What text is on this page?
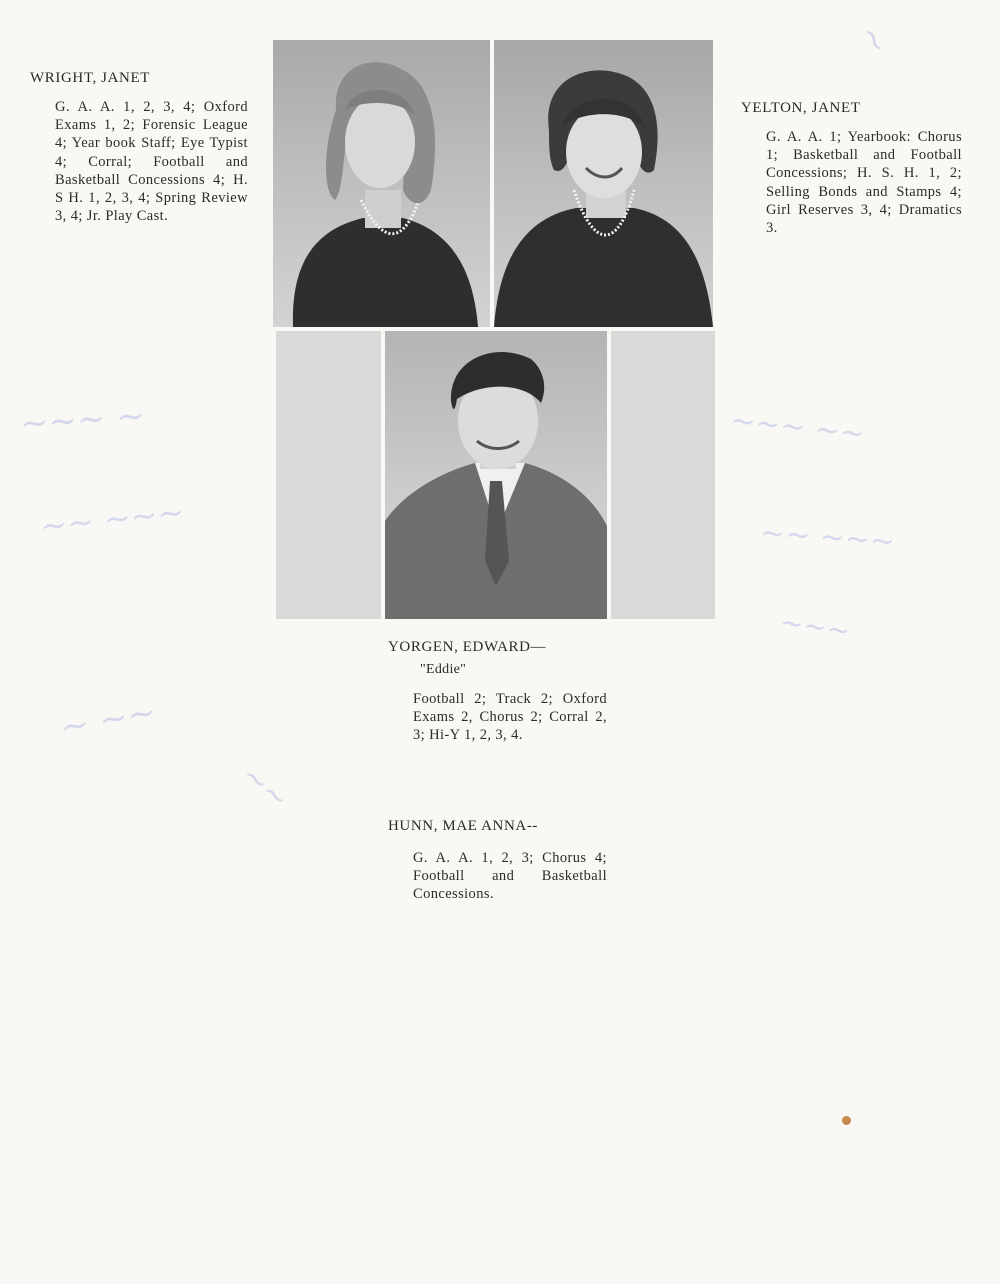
~
~~~ ~~
~~~ ~
~~ ~~~	~~ ~~~
~~~
~ ~~
~~
WRIGHT, JANET
G. A. A. 1, 2, 3, 4; Oxford Exams 1, 2; Forensic League 4; Year book Staff; Eye Typist 4; Corral; Football and Basketball Concessions 4; H. S H. 1, 2, 3, 4; Spring Review 3, 4; Jr. Play Cast.
YELTON, JANET
G. A. A. 1; Yearbook: Chorus 1; Basketball and Football Concessions; H. S. H. 1, 2; Selling Bonds and Stamps 4; Girl Reserves 3, 4; Dramatics 3.
YORGEN, EDWARD—
"Eddie"
Football 2; Track 2; Oxford Exams 2, Chorus 2; Corral 2, 3; Hi-Y 1, 2, 3, 4.
HUNN, MAE ANNA--
G. A. A. 1, 2, 3; Chorus 4; Football and Basketball Concessions.
